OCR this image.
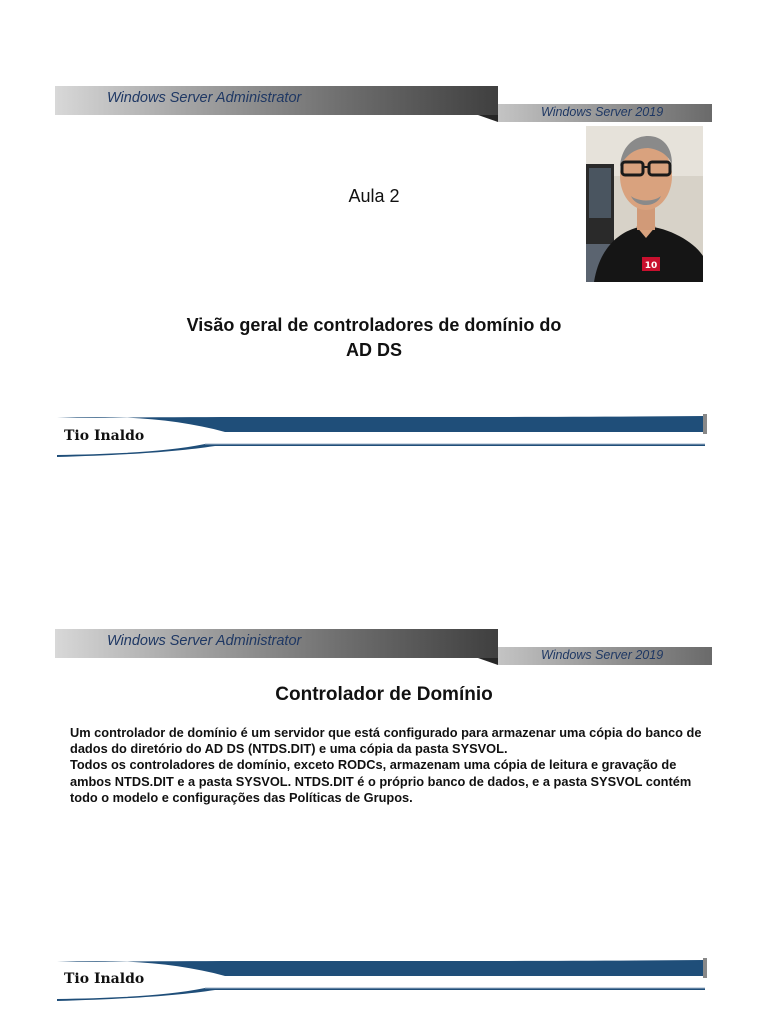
Windows Server Administrator
Windows Server 2019
Aula 2
Visão geral de controladores de domínio do
AD DS
10
Tio Inaldo
Windows Server Administrator
Windows Server 2019
Controlador de Domínio

Um controlador de domínio é um servidor que está configurado para armazenar uma cópia do banco de dados do diretório do AD DS (NTDS.DIT) e uma cópia da pasta SYSVOL.

Todos os controladores de domínio, exceto RODCs, armazenam uma cópia de leitura e gravação de ambos NTDS.DIT e a pasta SYSVOL. NTDS.DIT é o próprio banco de dados, e a pasta SYSVOL contém todo o modelo e configurações das Políticas de Grupos.

Tio Inaldo
